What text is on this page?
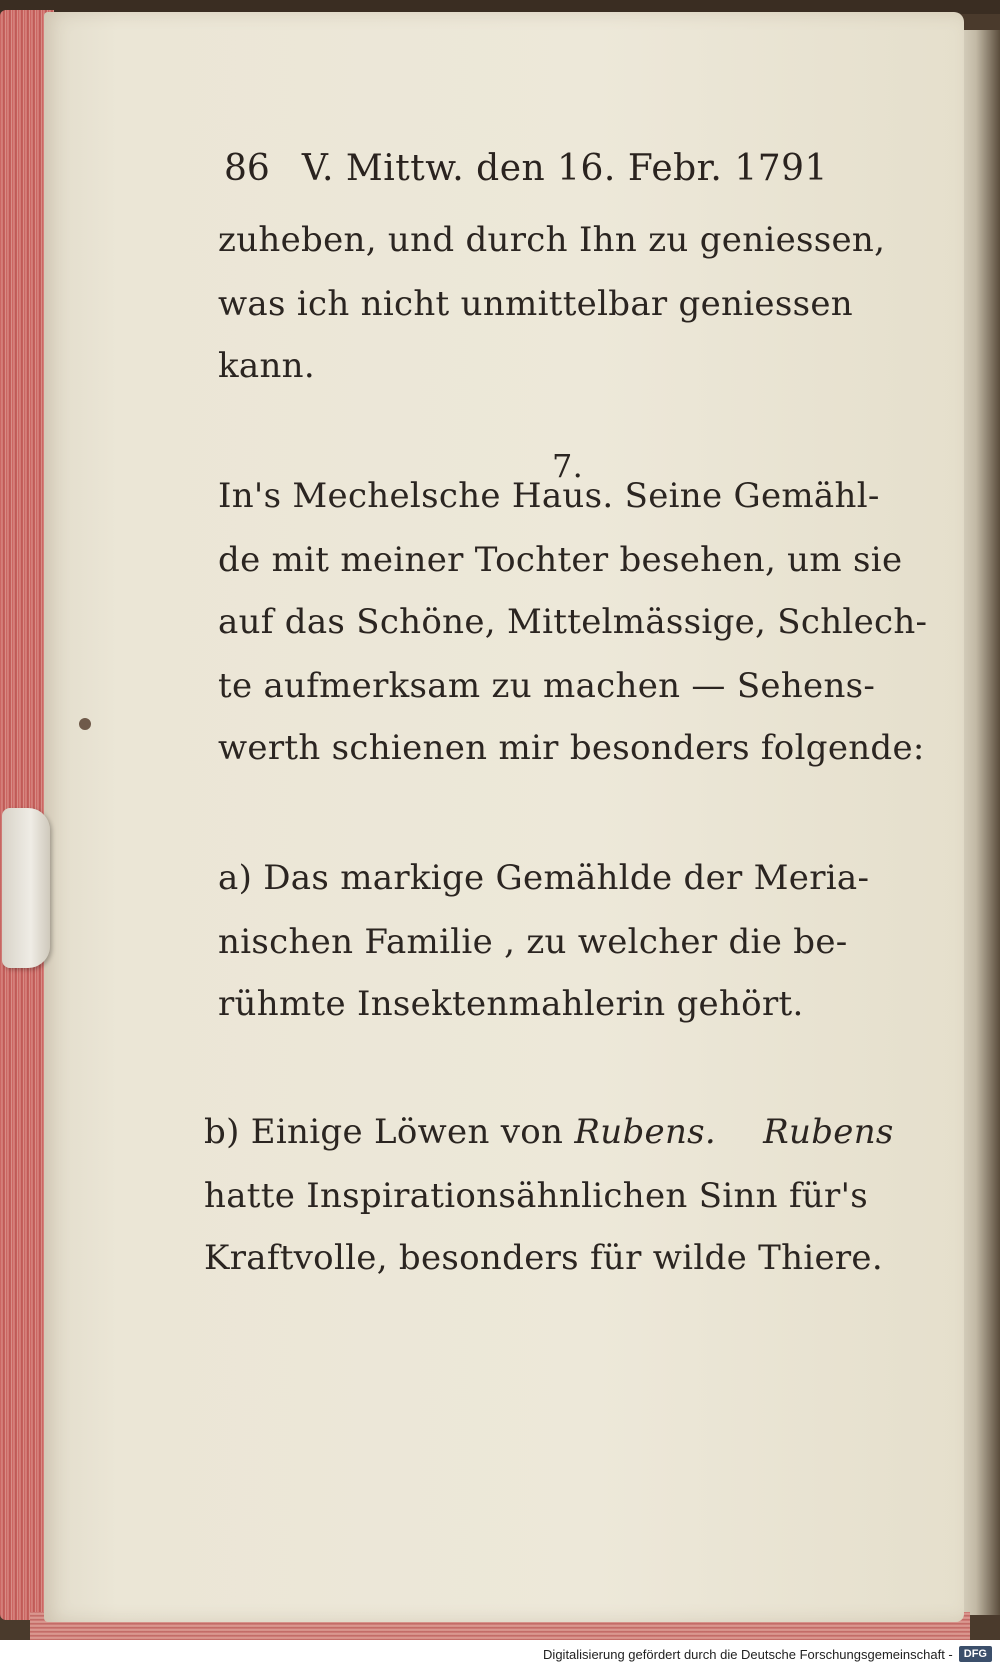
86 V. Mittw. den 16. Febr. 1791
zuheben, und durch Ihn zu geniessen,
was ich nicht unmittelbar geniessen
kann.
7.
In's Mechelsche Haus. Seine Gemähl-
de mit meiner Tochter besehen, um sie
auf das Schöne, Mittelmässige, Schlech-
te aufmerksam zu machen — Sehens-
werth schienen mir besonders folgende:
a) Das markige Gemählde der Meria-
nischen Familie , zu welcher die be-
rühmte Insektenmahlerin gehört.
b) Einige Löwen von Rubens. Rubens
hatte Inspirationsähnlichen Sinn für's
Kraftvolle, besonders für wilde Thiere.
Digitalisierung gefördert durch die Deutsche Forschungsgemeinschaft -	DFG
